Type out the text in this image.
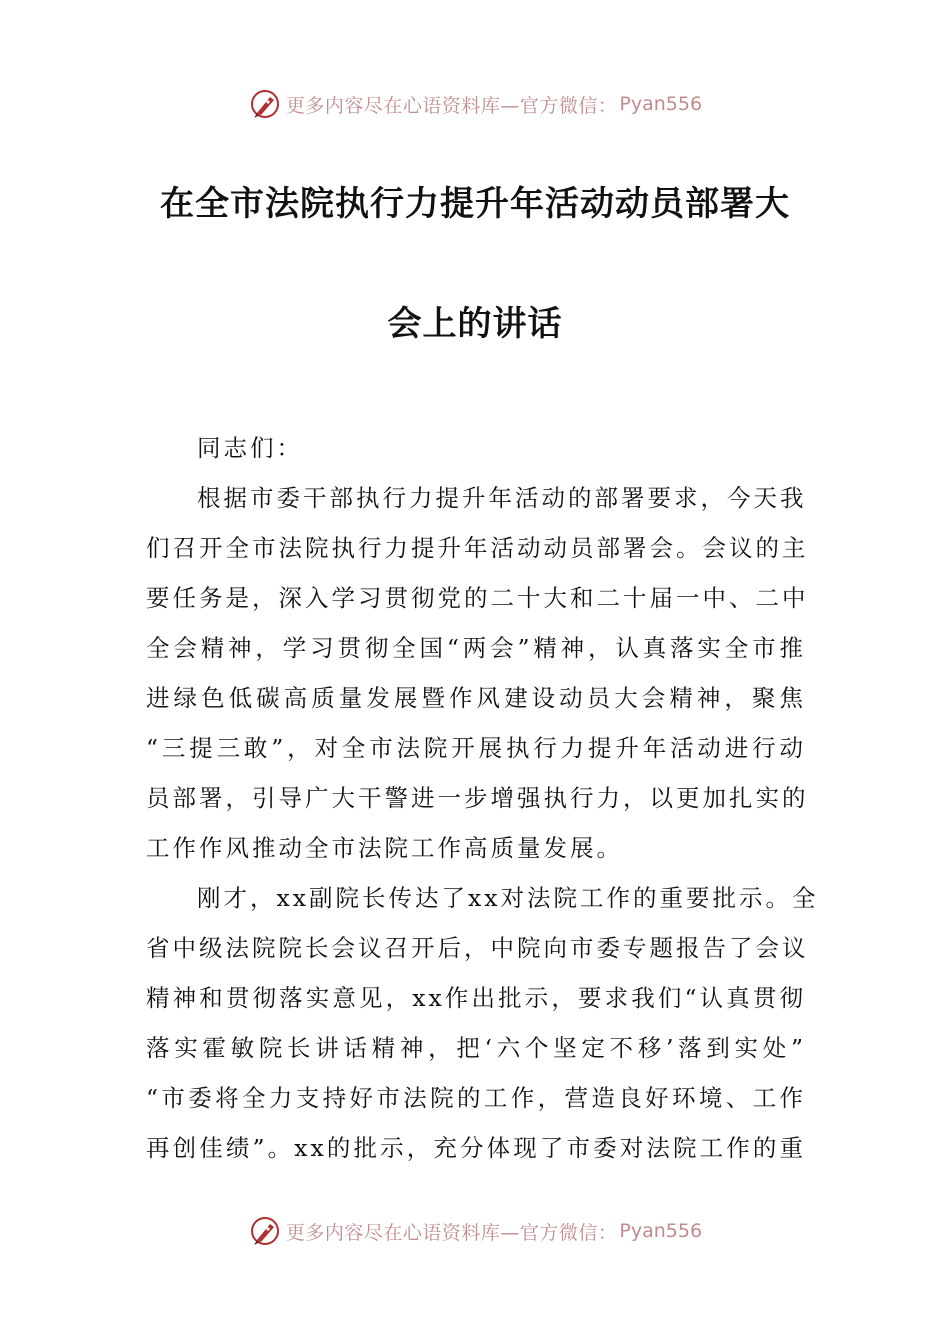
更多内容尽在心语资料库—官方微信： Pyan556
在全市法院执行力提升年活动动员部署大
会上的讲话
同志们：
根据市委干部执行力提升年活动的部署要求，今天我
们召开全市法院执行力提升年活动动员部署会。会议的主
要任务是，深入学习贯彻党的二十大和二十届一中、二中
全会精神，学习贯彻全国“两会”精神，认真落实全市推
进绿色低碳高质量发展暨作风建设动员大会精神，聚焦
“三提三敢”，对全市法院开展执行力提升年活动进行动
员部署，引导广大干警进一步增强执行力，以更加扎实的
工作作风推动全市法院工作高质量发展。
刚才，xx副院长传达了xx对法院工作的重要批示。全
省中级法院院长会议召开后，中院向市委专题报告了会议
精神和贯彻落实意见，xx作出批示，要求我们“认真贯彻
落实霍敏院长讲话精神，把‘六个坚定不移’落到实处”
“市委将全力支持好市法院的工作，营造良好环境、工作
再创佳绩”。xx的批示，充分体现了市委对法院工作的重
更多内容尽在心语资料库—官方微信： Pyan556
